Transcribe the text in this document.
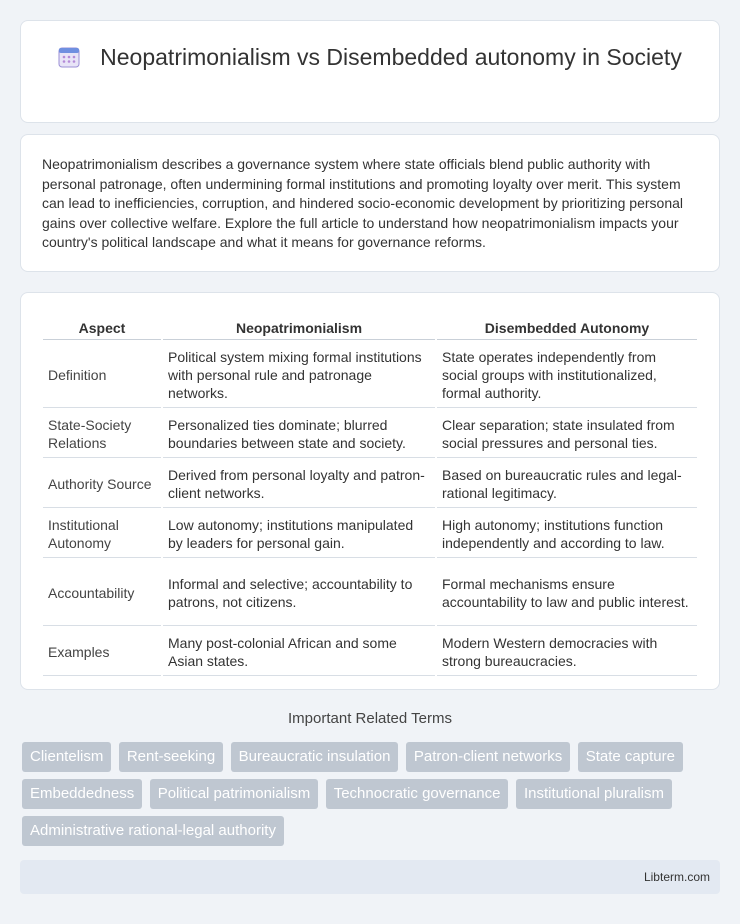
Neopatrimonialism vs Disembedded autonomy in Society

Neopatrimonialism describes a governance system where state officials blend public authority with personal patronage, often undermining formal institutions and promoting loyalty over merit. This system can lead to inefficiencies, corruption, and hindered socio-economic development by prioritizing personal gains over collective welfare. Explore the full article to understand how neopatrimonialism impacts your country's political landscape and what it means for governance reforms.

Aspect	Neopatrimonialism	Disembedded Autonomy
Definition	Political system mixing formal institutions with personal rule and patronage networks.	State operates independently from social groups with institutionalized, formal authority.
State-Society Relations	Personalized ties dominate; blurred boundaries between state and society.	Clear separation; state insulated from social pressures and personal ties.
Authority Source	Derived from personal loyalty and patron-client networks.	Based on bureaucratic rules and legal-rational legitimacy.
Institutional Autonomy	Low autonomy; institutions manipulated by leaders for personal gain.	High autonomy; institutions function independently and according to law.
Accountability	Informal and selective; accountability to patrons, not citizens.	Formal mechanisms ensure accountability to law and public interest.
Examples	Many post-colonial African and some Asian states.	Modern Western democracies with strong bureaucracies.
Important Related Terms
Clientelism Rent-seeking Bureaucratic insulation Patron-client networks State capture Embeddedness Political patrimonialism Technocratic governance Institutional pluralism Administrative rational-legal authority
Libterm.com
